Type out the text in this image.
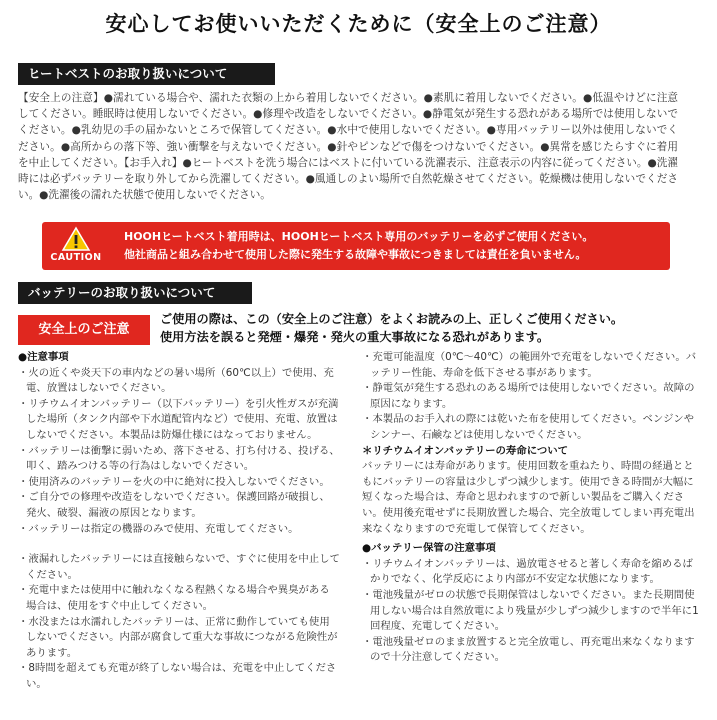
安心してお使いいただくために（安全上のご注意）
ヒートベストのお取り扱いについて
【安全上の注意】●濡れている場合や、濡れた衣類の上から着用しないでください。●素肌に着用しないでください。●低温やけどに注意してください。睡眠時は使用しないでください。●修理や改造をしないでください。●静電気が発生する恐れがある場所では使用しないでください。●乳幼児の手の届かないところで保管してください。●水中で使用しないでください。●専用バッテリー以外は使用しないでください。●高所からの落下等、強い衝撃を与えないでください。●針やピンなどで傷をつけないでください。●異常を感じたらすぐに着用を中止してください。【お手入れ】●ヒートベストを洗う場合にはベストに付いている洗濯表示、注意表示の内容に従ってください。●洗濯時には必ずバッテリーを取り外してから洗濯してください。●風通しのよい場所で自然乾燥させてください。乾燥機は使用しないでください。●洗濯後の濡れた状態で使用しないでください。
CAUTION
HOOHヒートベスト着用時は、HOOHヒートベスト専用のバッテリーを必ずご使用ください。
他社商品と組み合わせて使用した際に発生する故障や事故につきましては責任を負いません。
バッテリーのお取り扱いについて
安全上のご注意
ご使用の際は、この（安全上のご注意）をよくお読みの上、正しくご使用ください。
使用方法を誤ると発煙・爆発・発火の重大事故になる恐れがあります。
●注意事項
・火の近くや炎天下の車内などの暑い場所（60℃以上）で使用、充電、放置はしないでください。
・リチウムイオンバッテリー（以下バッテリー）を引火性ガスが充満した場所（タンク内部や下水道配管内など）で使用、充電、放置はしないでください。本製品は防爆仕様にはなっておりません。
・バッテリーは衝撃に弱いため、落下させる、打ち付ける、投げる、叩く、踏みつける等の行為はしないでください。
・使用済みのバッテリーを火の中に絶対に投入しないでください。
・ご自分での修理や改造をしないでください。保護回路が破損し、発火、破裂、漏液の原因となります。
・バッテリーは指定の機器のみで使用、充電してください。
・液漏れしたバッテリーには直接触らないで、すぐに使用を中止してください。
・充電中または使用中に触れなくなる程熱くなる場合や異臭がある場合は、使用をすぐ中止してください。
・水没または水濡れしたバッテリーは、正常に動作していても使用しないでください。内部が腐食して重大な事故につながる危険性があります。
・8時間を超えても充電が終了しない場合は、充電を中止してください。
・充電可能温度（0℃〜40℃）の範囲外で充電をしないでください。バッテリー性能、寿命を低下させる事があります。
・静電気が発生する恐れのある場所では使用しないでください。故障の原因になります。
・本製品のお手入れの際には乾いた布を使用してください。ベンジンやシンナー、石鹸などは使用しないでください。
＊リチウムイオンバッテリーの寿命について
バッテリーには寿命があります。使用回数を重ねたり、時間の経過とともにバッテリーの容量は少しずつ減少します。使用できる時間が大幅に短くなった場合は、寿命と思われますので新しい製品をご購入ください。使用後充電せずに長期放置した場合、完全放電してしまい再充電出来なくなりますので充電して保管してください。
●バッテリー保管の注意事項
・リチウムイオンバッテリーは、過放電させると著しく寿命を縮めるばかりでなく、化学反応により内部が不安定な状態になります。
・電池残量がゼロの状態で長期保管はしないでください。また長期間使用しない場合は自然放電により残量が少しずつ減少しますので半年に1回程度、充電してください。
・電池残量ゼロのまま放置すると完全放電し、再充電出来なくなりますので十分注意してください。
